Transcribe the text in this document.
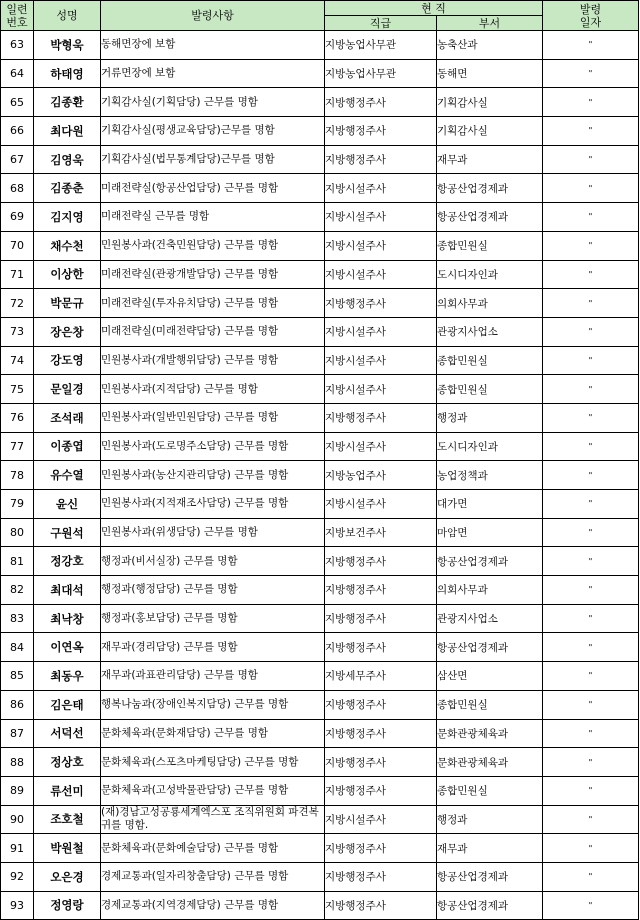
일련
번호	성명	발령사항	현 직		발령
일자
			직급	부서	
63	박형욱	동해면장에 보함	지방농업사무관	농축산과	"
64	하태영	거류면장에 보함	지방농업사무관	동해면	"
65	김종환	기획감사실(기획담당) 근무를 명함	지방행정주사	기획감사실	"
66	최다원	기획감사실(평생교육담당)근무를 명함	지방행정주사	기획감사실	"
67	김영욱	기획감사실(법무통계담당)근무를 명함	지방행정주사	재무과	"
68	김종춘	미래전략실(항공산업담당) 근무를 명함	지방시설주사	항공산업경제과	"
69	김지영	미래전략실 근무를 명함	지방시설주사	항공산업경제과	"
70	채수천	민원봉사과(건축민원담당) 근무를 명함	지방시설주사	종합민원실	"
71	이상한	미래전략실(관광개발담당) 근무를 명함	지방시설주사	도시디자인과	"
72	박문규	미래전략실(투자유치담당) 근무를 명함	지방행정주사	의회사무과	"
73	장은창	미래전략실(미래전략담당) 근무를 명함	지방시설주사	관광지사업소	"
74	강도영	민원봉사과(개발행위담당) 근무를 명함	지방시설주사	종합민원실	"
75	문일경	민원봉사과(지적담당) 근무를 명함	지방시설주사	종합민원실	"
76	조석래	민원봉사과(일반민원담당) 근무를 명함	지방행정주사	행정과	"
77	이종엽	민원봉사과(도로명주소담당) 근무를 명함	지방시설주사	도시디자인과	"
78	유수열	민원봉사과(농산지관리담당) 근무를 명함	지방농업주사	농업정책과	"
79	윤신	민원봉사과(지적재조사담당) 근무를 명함	지방시설주사	대가면	"
80	구원석	민원봉사과(위생담당) 근무를 명함	지방보건주사	마암면	"
81	정강호	행정과(비서실장) 근무를 명함	지방행정주사	항공산업경제과	"
82	최대석	행정과(행정담당) 근무를 명함	지방행정주사	의회사무과	"
83	최낙창	행정과(홍보담당) 근무를 명함	지방행정주사	관광지사업소	"
84	이연옥	재무과(경리담당) 근무를 명함	지방행정주사	항공산업경제과	"
85	최동우	재무과(과표관리담당) 근무를 명함	지방세무주사	삼산면	"
86	김은태	행복나눔과(장애인복지담당) 근무를 명함	지방행정주사	종합민원실	"
87	서덕선	문화체육과(문화재담당) 근무를 명함	지방행정주사	문화관광체육과	"
88	정상호	문화체육과(스포츠마케팅담당) 근무를 명함	지방행정주사	문화관광체육과	"
89	류선미	문화체육과(고성박물관담당) 근무를 명함	지방행정주사	종합민원실	"
90	조호철	(재)경남고성공룡세계엑스포 조직위원회 파견복귀를 명함.	지방시설주사	행정과	"
91	박원철	문화체육과(문화예술담당) 근무를 명함	지방행정주사	재무과	"
92	오은경	경제교통과(일자리창출담당) 근무를 명함	지방행정주사	항공산업경제과	"
93	정영랑	경제교통과(지역경제담당) 근무를 명함	지방행정주사	항공산업경제과	"
